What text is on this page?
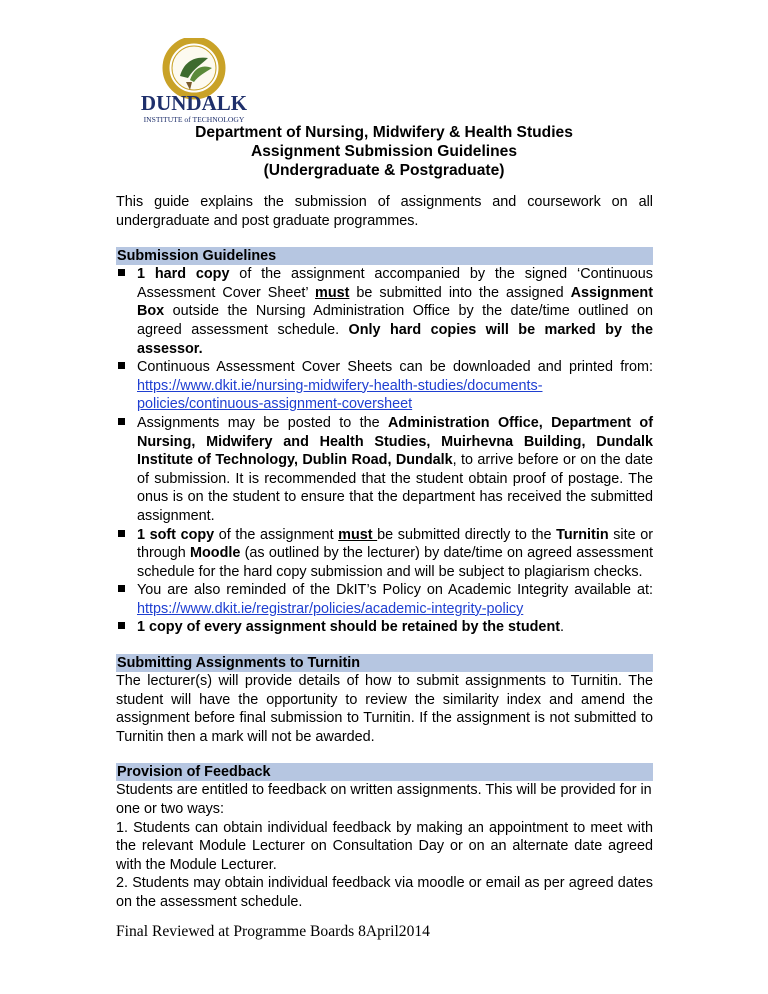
DUNDALK
INSTITUTE of TECHNOLOGY
Department of Nursing, Midwifery & Health Studies
Assignment Submission Guidelines
(Undergraduate & Postgraduate)

This guide explains the submission of assignments and coursework on all undergraduate and post graduate programmes.

Submission Guidelines
1 hard copy of the assignment accompanied by the signed ‘Continuous Assessment Cover Sheet’ must be submitted into the assigned Assignment Box outside the Nursing Administration Office by the date/time outlined on agreed assessment schedule. Only hard copies will be marked by the assessor.
Continuous Assessment Cover Sheets can be downloaded and printed from: https://www.dkit.ie/nursing-midwifery-health-studies/documents-policies/continuous-assignment-coversheet
Assignments may be posted to the Administration Office, Department of Nursing, Midwifery and Health Studies, Muirhevna Building, Dundalk Institute of Technology, Dublin Road, Dundalk, to arrive before or on the date of submission. It is recommended that the student obtain proof of postage. The onus is on the student to ensure that the department has received the submitted assignment.
1 soft copy of the assignment must be submitted directly to the Turnitin site or through Moodle (as outlined by the lecturer) by date/time on agreed assessment schedule for the hard copy submission and will be subject to plagiarism checks.
You are also reminded of the DkIT’s Policy on Academic Integrity available at: https://www.dkit.ie/registrar/policies/academic-integrity-policy
1 copy of every assignment should be retained by the student.
Submitting Assignments to Turnitin

The lecturer(s) will provide details of how to submit assignments to Turnitin. The student will have the opportunity to review the similarity index and amend the assignment before final submission to Turnitin. If the assignment is not submitted to Turnitin then a mark will not be awarded.

Provision of Feedback

Students are entitled to feedback on written assignments. This will be provided for in one or two ways:

1. Students can obtain individual feedback by making an appointment to meet with the relevant Module Lecturer on Consultation Day or on an alternate date agreed with the Module Lecturer.

2. Students may obtain individual feedback via moodle or email as per agreed dates on the assessment schedule.

Final Reviewed at Programme Boards 8April2014
